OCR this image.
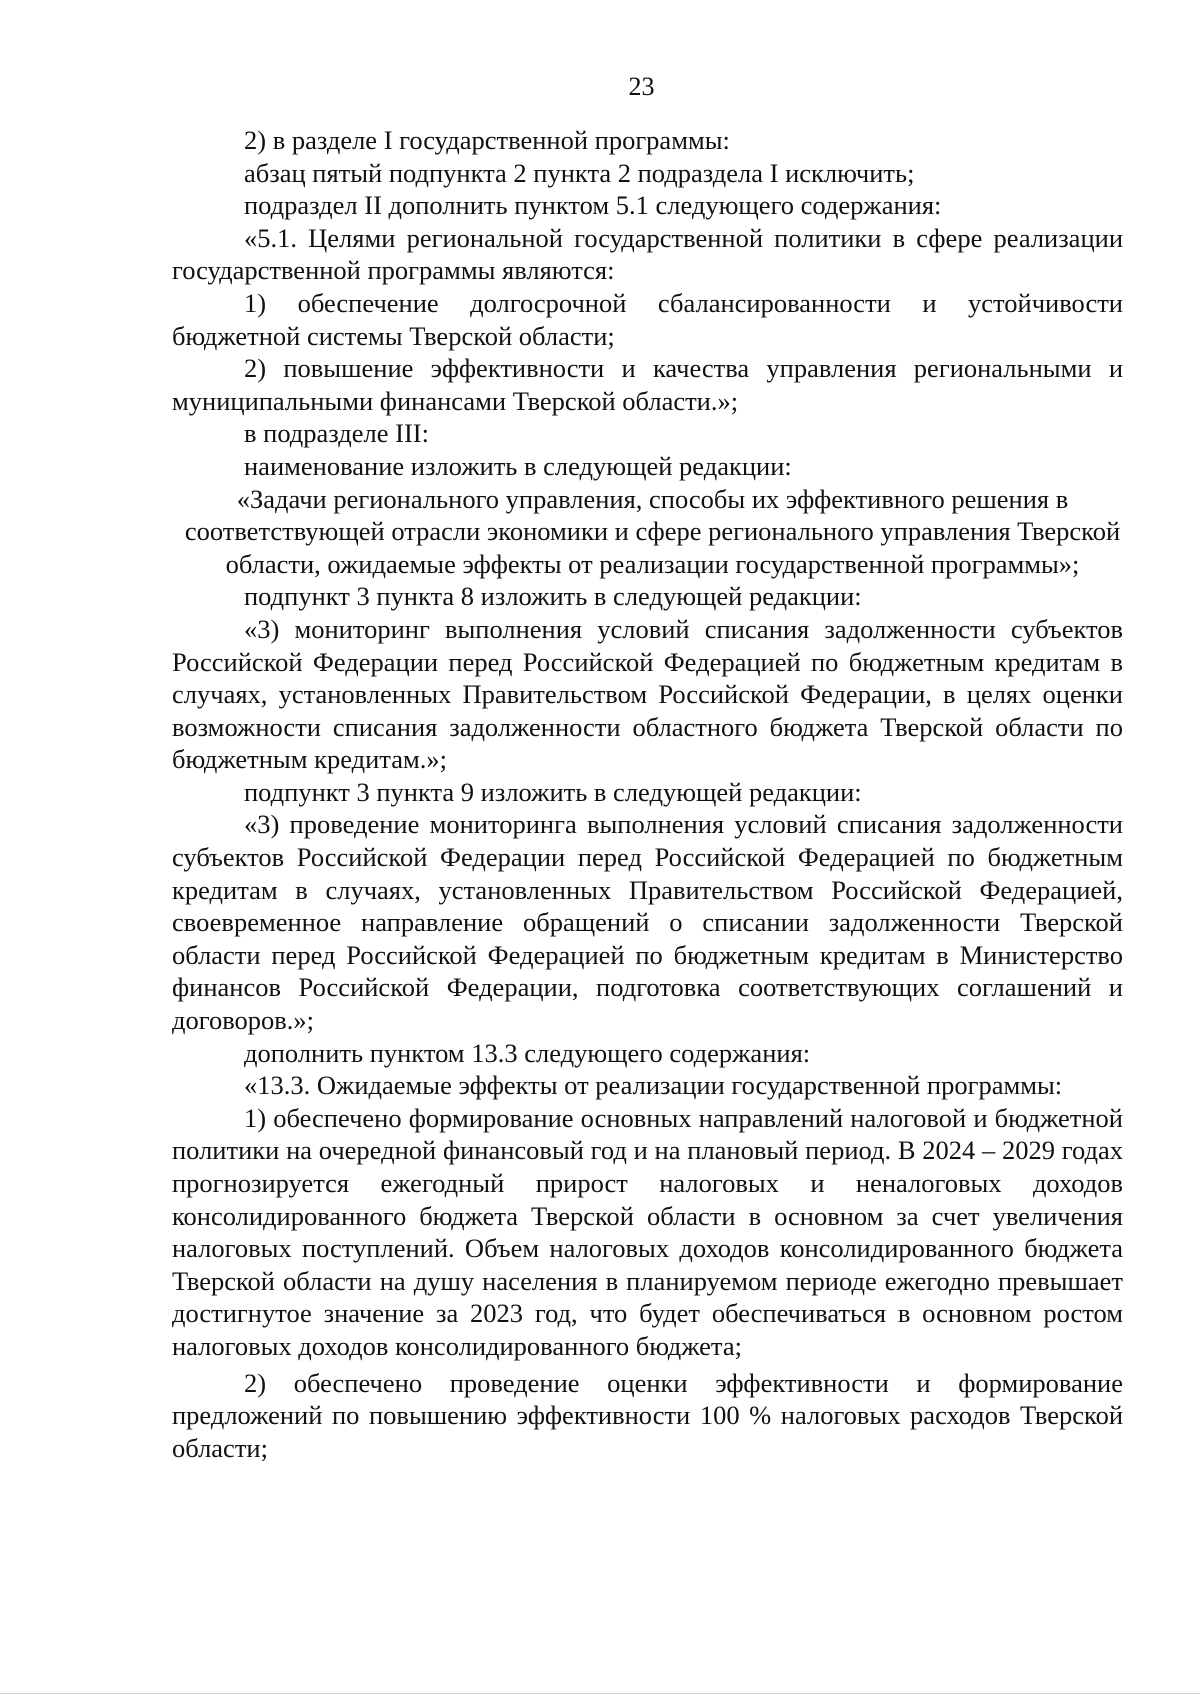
23

2) в разделе I государственной программы:

абзац пятый подпункта 2 пункта 2 подраздела I исключить;

подраздел II дополнить пунктом 5.1 следующего содержания:

«5.1. Целями региональной государственной политики в сфере реализации государственной программы являются:

1) обеспечение долгосрочной сбалансированности и устойчивости бюджетной системы Тверской области;

2) повышение эффективности и качества управления региональными и муниципальными финансами Тверской области.»;

в подразделе III:

наименование изложить в следующей редакции:

«Задачи регионального управления, способы их эффективного решения в соответствующей отрасли экономики и сфере регионального управления Тверской области, ожидаемые эффекты от реализации государственной программы»;

подпункт 3 пункта 8 изложить в следующей редакции:

«3) мониторинг выполнения условий списания задолженности субъектов Российской Федерации перед Российской Федерацией по бюджетным кредитам в случаях, установленных Правительством Российской Федерации, в целях оценки возможности списания задолженности областного бюджета Тверской области по бюджетным кредитам.»;

подпункт 3 пункта 9 изложить в следующей редакции:

«3) проведение мониторинга выполнения условий списания задолженности субъектов Российской Федерации перед Российской Федерацией по бюджетным кредитам в случаях, установленных Правительством Российской Федерацией, своевременное направление обращений о списании задолженности Тверской области перед Российской Федерацией по бюджетным кредитам в Министерство финансов Российской Федерации, подготовка соответствующих соглашений и договоров.»;

дополнить пунктом 13.3 следующего содержания:

«13.3. Ожидаемые эффекты от реализации государственной программы:

1) обеспечено формирование основных направлений налоговой и бюджетной политики на очередной финансовый год и на плановый период. В 2024 – 2029 годах прогнозируется ежегодный прирост налоговых и неналоговых доходов консолидированного бюджета Тверской области в основном за счет увеличения налоговых поступлений. Объем налоговых доходов консолидированного бюджета Тверской области на душу населения в планируемом периоде ежегодно превышает достигнутое значение за 2023 год, что будет обеспечиваться в основном ростом налоговых доходов консолидированного бюджета;

2) обеспечено проведение оценки эффективности и формирование предложений по повышению эффективности 100 % налоговых расходов Тверской области;
